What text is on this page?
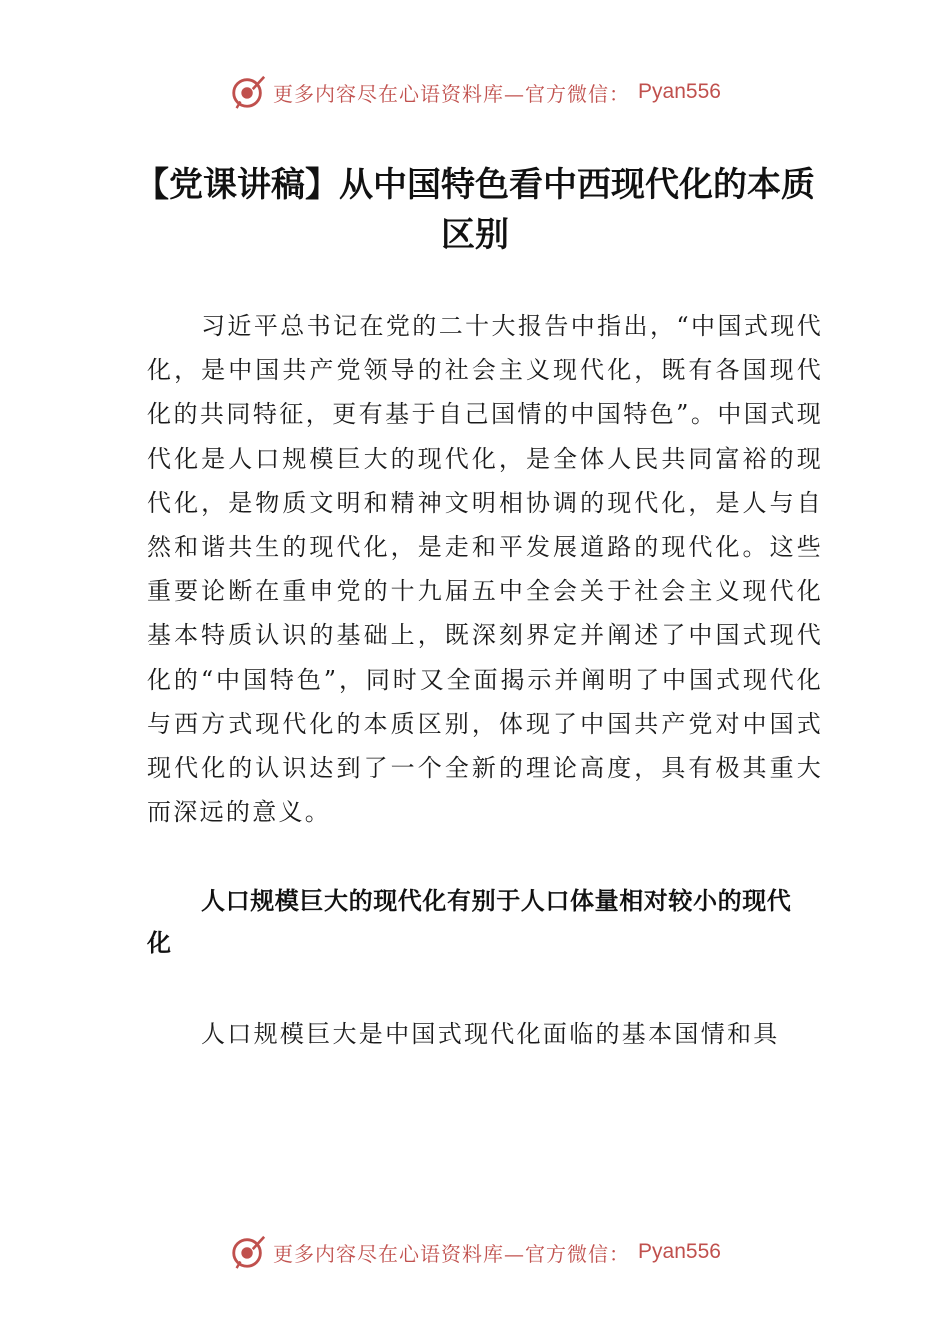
更多内容尽在心语资料库—官方微信： Pyan556
【党课讲稿】从中国特色看中西现代化的本质区别

习近平总书记在党的二十大报告中指出，“中国式现代化，是中国共产党领导的社会主义现代化，既有各国现代化的共同特征，更有基于自己国情的中国特色”。中国式现代化是人口规模巨大的现代化，是全体人民共同富裕的现代化，是物质文明和精神文明相协调的现代化，是人与自然和谐共生的现代化，是走和平发展道路的现代化。这些重要论断在重申党的十九届五中全会关于社会主义现代化基本特质认识的基础上，既深刻界定并阐述了中国式现代化的“中国特色”，同时又全面揭示并阐明了中国式现代化与西方式现代化的本质区别，体现了中国共产党对中国式现代化的认识达到了一个全新的理论高度，具有极其重大而深远的意义。

人口规模巨大的现代化有别于人口体量相对较小的现代化

人口规模巨大是中国式现代化面临的基本国情和具

更多内容尽在心语资料库—官方微信： Pyan556
